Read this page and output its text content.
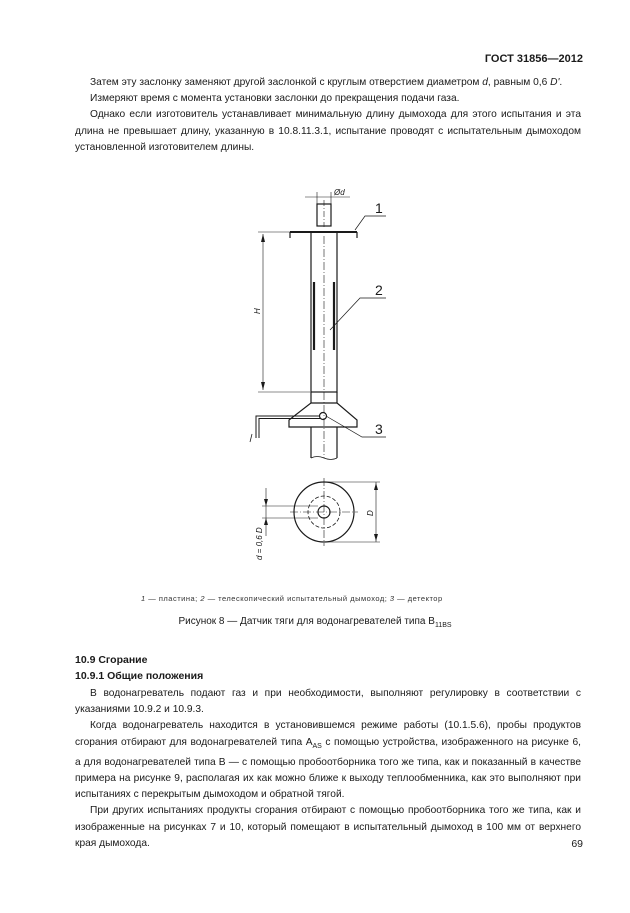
ГОСТ 31856—2012
Затем эту заслонку заменяют другой заслонкой с круглым отверстием диаметром d, равным 0,6 D'.
Измеряют время с момента установки заслонки до прекращения подачи газа.
Однако если изготовитель устанавливает минимальную длину дымохода для этого испытания и эта длина не превышает длину, указанную в 10.8.11.3.1, испытание проводят с испытательным дымоходом установленной изготовителем длины.
Ød
H
D
d = 0,6 D
1
2
3
1 — пластина; 2 — телескопический испытательный дымоход; 3 — детектор
Рисунок 8 — Датчик тяги для водонагревателей типа $B_{11BS}$
10.9 Сгорание
10.9.1 Общие положения
В водонагреватель подают газ и при необходимости, выполняют регулировку в соответствии с указаниями 10.9.2 и 10.9.3.
Когда водонагреватель находится в установившемся режиме работы (10.1.5.6), пробы продуктов сгорания отбирают для водонагревателей типа $A_{AS}$ с помощью устройства, изображенного на рисунке 6, а для водонагревателей типа B — с помощью пробоотборника того же типа, как и показанный в качестве примера на рисунке 9, располагая их как можно ближе к выходу теплообменника, как это выполняют при испытаниях с перекрытым дымоходом и обратной тягой.
При других испытаниях продукты сгорания отбирают с помощью пробоотборника того же типа, как и изображенные на рисунках 7 и 10, который помещают в испытательный дымоход в 100 мм от верхнего края дымохода.	69
